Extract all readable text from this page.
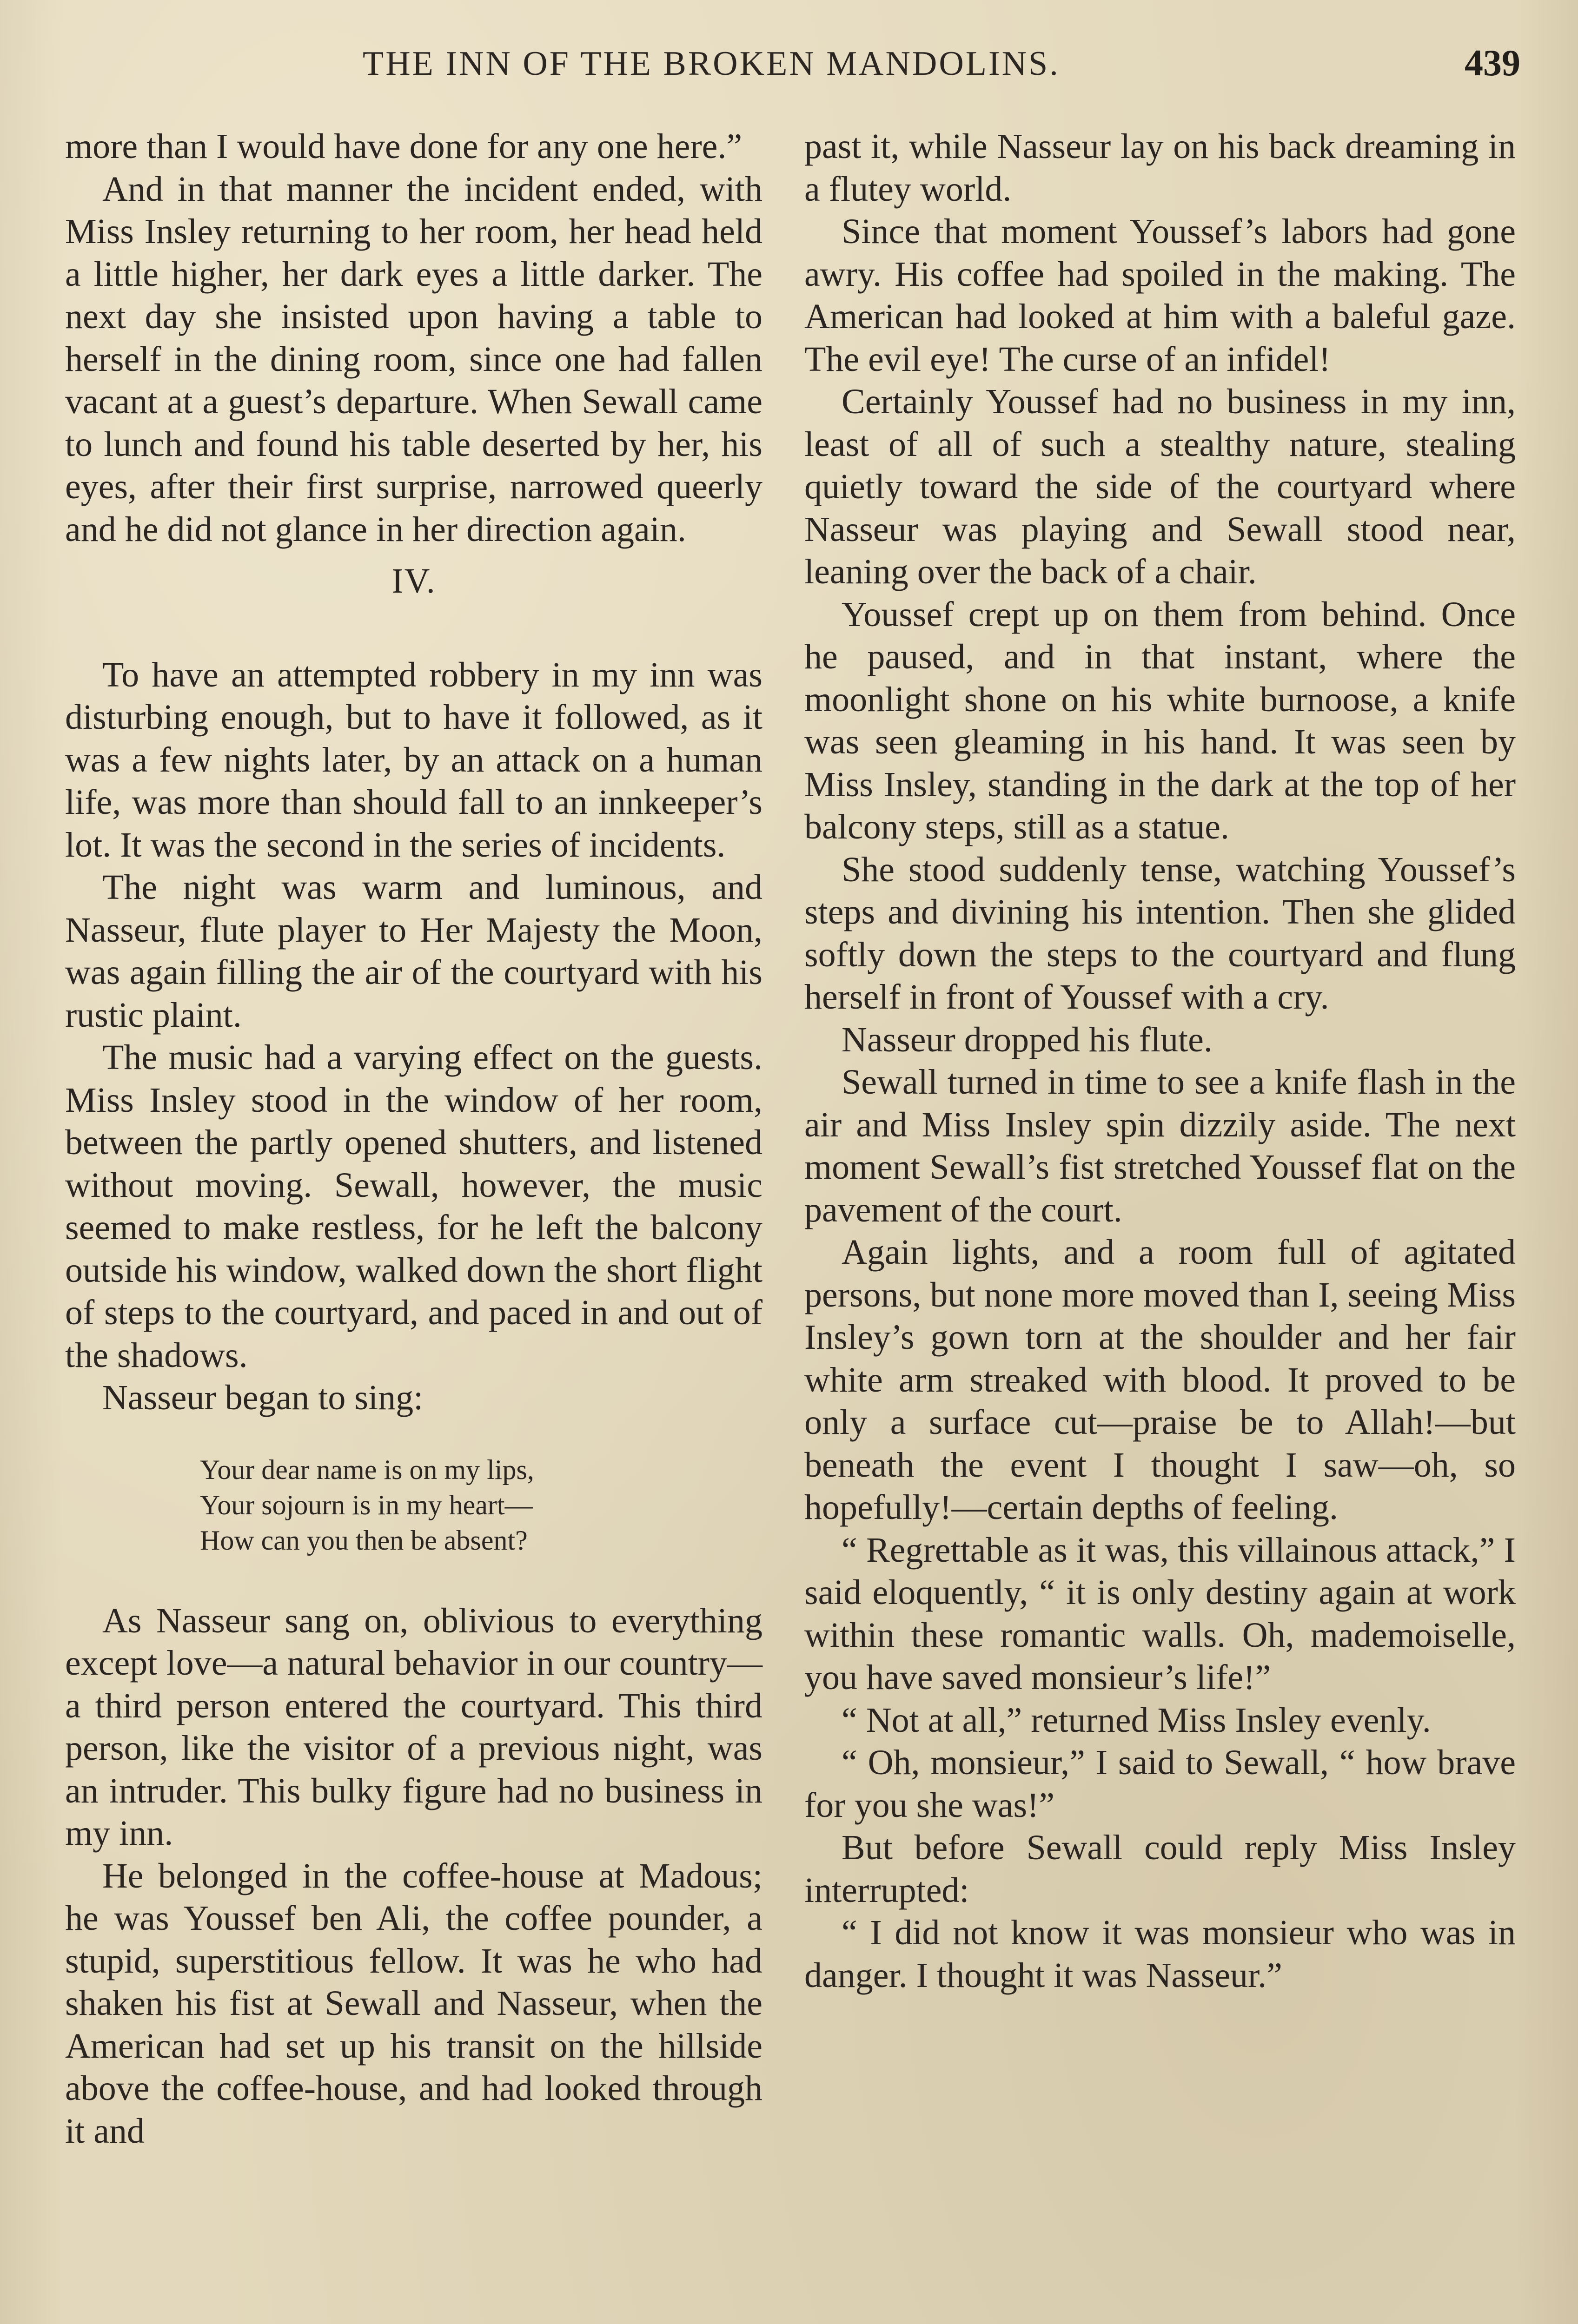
THE INN OF THE BROKEN MANDOLINS.	439

more than I would have done for any one here.”

And in that manner the incident ended, with Miss Insley returning to her room, her head held a little higher, her dark eyes a little darker. The next day she insisted upon having a table to herself in the dining room, since one had fallen vacant at a guest’s departure. When Sewall came to lunch and found his table deserted by her, his eyes, after their first surprise, narrowed queerly and he did not glance in her direction again.

IV.

To have an attempted robbery in my inn was disturbing enough, but to have it followed, as it was a few nights later, by an attack on a human life, was more than should fall to an innkeeper’s lot. It was the second in the series of incidents.

The night was warm and luminous, and Nasseur, flute player to Her Majesty the Moon, was again filling the air of the courtyard with his rustic plaint.

The music had a varying effect on the guests. Miss Insley stood in the window of her room, between the partly opened shutters, and listened without moving. Sewall, however, the music seemed to make restless, for he left the balcony outside his window, walked down the short flight of steps to the courtyard, and paced in and out of the shadows.

Nasseur began to sing:

Your dear name is on my lips,
Your sojourn is in my heart—
How can you then be absent?

As Nasseur sang on, oblivious to everything except love—a natural behavior in our country—a third person entered the courtyard. This third person, like the visitor of a previous night, was an intruder. This bulky figure had no business in my inn.

He belonged in the coffee-house at Madous; he was Youssef ben Ali, the coffee pounder, a stupid, superstitious fellow. It was he who had shaken his fist at Sewall and Nasseur, when the American had set up his transit on the hillside above the coffee-house, and had looked through it and

past it, while Nasseur lay on his back dreaming in a flutey world.

Since that moment Youssef’s labors had gone awry. His coffee had spoiled in the making. The American had looked at him with a baleful gaze. The evil eye! The curse of an infidel!

Certainly Youssef had no business in my inn, least of all of such a stealthy nature, stealing quietly toward the side of the courtyard where Nasseur was playing and Sewall stood near, leaning over the back of a chair.

Youssef crept up on them from behind. Once he paused, and in that instant, where the moonlight shone on his white burnoose, a knife was seen gleaming in his hand. It was seen by Miss Insley, standing in the dark at the top of her balcony steps, still as a statue.

She stood suddenly tense, watching Youssef’s steps and divining his intention. Then she glided softly down the steps to the courtyard and flung herself in front of Youssef with a cry.

Nasseur dropped his flute.

Sewall turned in time to see a knife flash in the air and Miss Insley spin dizzily aside. The next moment Sewall’s fist stretched Youssef flat on the pavement of the court.

Again lights, and a room full of agitated persons, but none more moved than I, seeing Miss Insley’s gown torn at the shoulder and her fair white arm streaked with blood. It proved to be only a surface cut—praise be to Allah!—but beneath the event I thought I saw—oh, so hopefully!—certain depths of feeling.

“ Regrettable as it was, this villainous attack,” I said eloquently, “ it is only destiny again at work within these romantic walls. Oh, mademoiselle, you have saved monsieur’s life!”

“ Not at all,” returned Miss Insley evenly.

“ Oh, monsieur,” I said to Sewall, “ how brave for you she was!”

But before Sewall could reply Miss Insley interrupted:

“ I did not know it was monsieur who was in danger. I thought it was Nasseur.”
